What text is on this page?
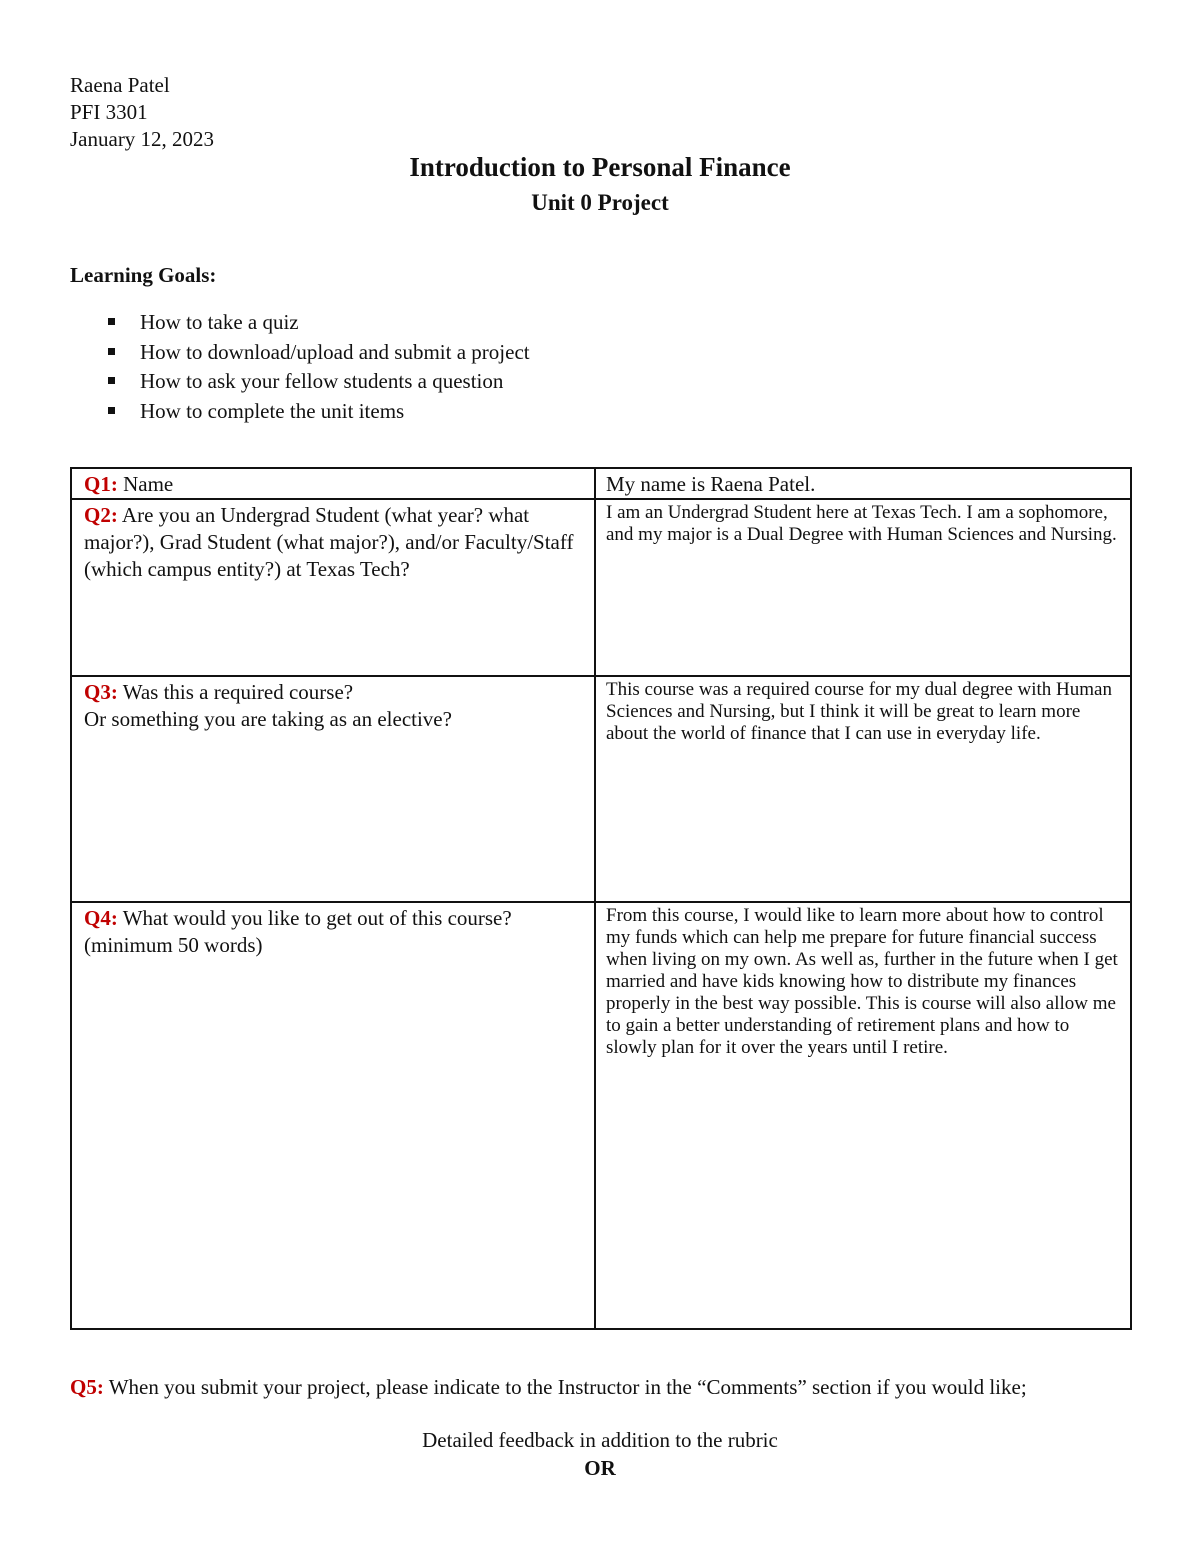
Raena Patel
PFI 3301
January 12, 2023
Introduction to Personal Finance
Unit 0 Project
Learning Goals:
How to take a quiz
How to download/upload and submit a project
How to ask your fellow students a question
How to complete the unit items
Q1: Name	My name is Raena Patel.

Q2: Are you an Undergrad Student (what year? what major?), Grad Student (what major?), and/or Faculty/Staff (which campus entity?) at Texas Tech?	I am an Undergrad Student here at Texas Tech. I am a sophomore, and my major is a Dual Degree with Human Sciences and Nursing.

Q3: Was this a required course?
Or something you are taking as an elective?	This course was a required course for my dual degree with Human Sciences and Nursing, but I think it will be great to learn more about the world of finance that I can use in everyday life.

Q4: What would you like to get out of this course?
(minimum 50 words)	From this course, I would like to learn more about how to control my funds which can help me prepare for future financial success when living on my own. As well as, further in the future when I get married and have kids knowing how to distribute my finances properly in the best way possible. This is course will also allow me to gain a better understanding of retirement plans and how to slowly plan for it over the years until I retire.
Q5: When you submit your project, please indicate to the Instructor in the “Comments” section if you would like;
Detailed feedback in addition to the rubric
OR
